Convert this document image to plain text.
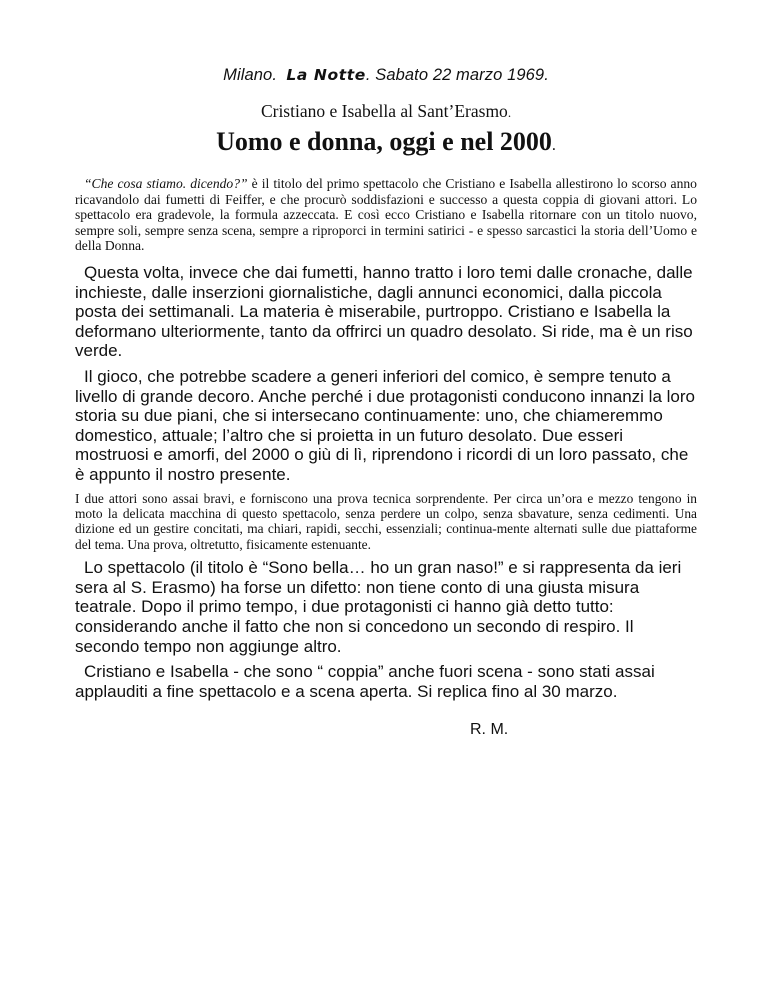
Milano. La Notte. Sabato 22 marzo 1969.

Cristiano e Isabella al Sant’Erasmo.

Uomo e donna, oggi e nel 2000.

“Che cosa stiamo. dicendo?” è il titolo del primo spettacolo che Cristiano e Isabella allestirono lo scorso anno ricavandolo dai fumetti di Feiffer, e che procurò soddisfazioni e successo a questa coppia di giovani attori. Lo spettacolo era gradevole, la formula azzeccata. E così ecco Cristiano e Isabella ritornare con un titolo nuovo, sempre soli, sempre senza scena, sempre a riproporci in termini satirici - e spesso sarcastici la storia dell’Uomo e della Donna.

Questa volta, invece che dai fumetti, hanno tratto i loro temi dalle cronache, dalle inchieste, dalle inserzioni giornalistiche, dagli annunci economici, dalla piccola posta dei settimanali. La materia è miserabile, purtroppo. Cristiano e Isabella la deformano ulteriormente, tanto da offrirci un quadro desolato. Si ride, ma è un riso verde.

Il gioco, che potrebbe scadere a generi inferiori del comico, è sempre tenuto a livello di grande decoro. Anche perché i due protagonisti conducono innanzi la loro storia su due piani, che si intersecano continuamente: uno, che chiameremmo domestico, attuale; l’altro che si proietta in un futuro desolato. Due esseri mostruosi e amorfi, del 2000 o giù di lì, riprendono i ricordi di un loro passato, che è appunto il nostro presente.

I due attori sono assai bravi, e forniscono una prova tecnica sorprendente. Per circa un’ora e mezzo tengono in moto la delicata macchina di questo spettacolo, senza perdere un colpo, senza sbavature, senza cedimenti. Una dizione ed un gestire concitati, ma chiari, rapidi, secchi, essenziali; continua-mente alternati sulle due piattaforme del tema. Una prova, oltretutto, fisicamente estenuante.

Lo spettacolo (il titolo è “Sono bella… ho un gran naso!” e si rappresenta da ieri sera al S. Erasmo) ha forse un difetto: non tiene conto di una giusta misura teatrale. Dopo il primo tempo, i due protagonisti ci hanno già detto tutto: considerando anche il fatto che non si concedono un secondo di respiro. Il secondo tempo non aggiunge altro.

Cristiano e Isabella - che sono “ coppia” anche fuori scena - sono stati assai applauditi a fine spettacolo e a scena aperta. Si replica fino al 30 marzo.

R. M.
